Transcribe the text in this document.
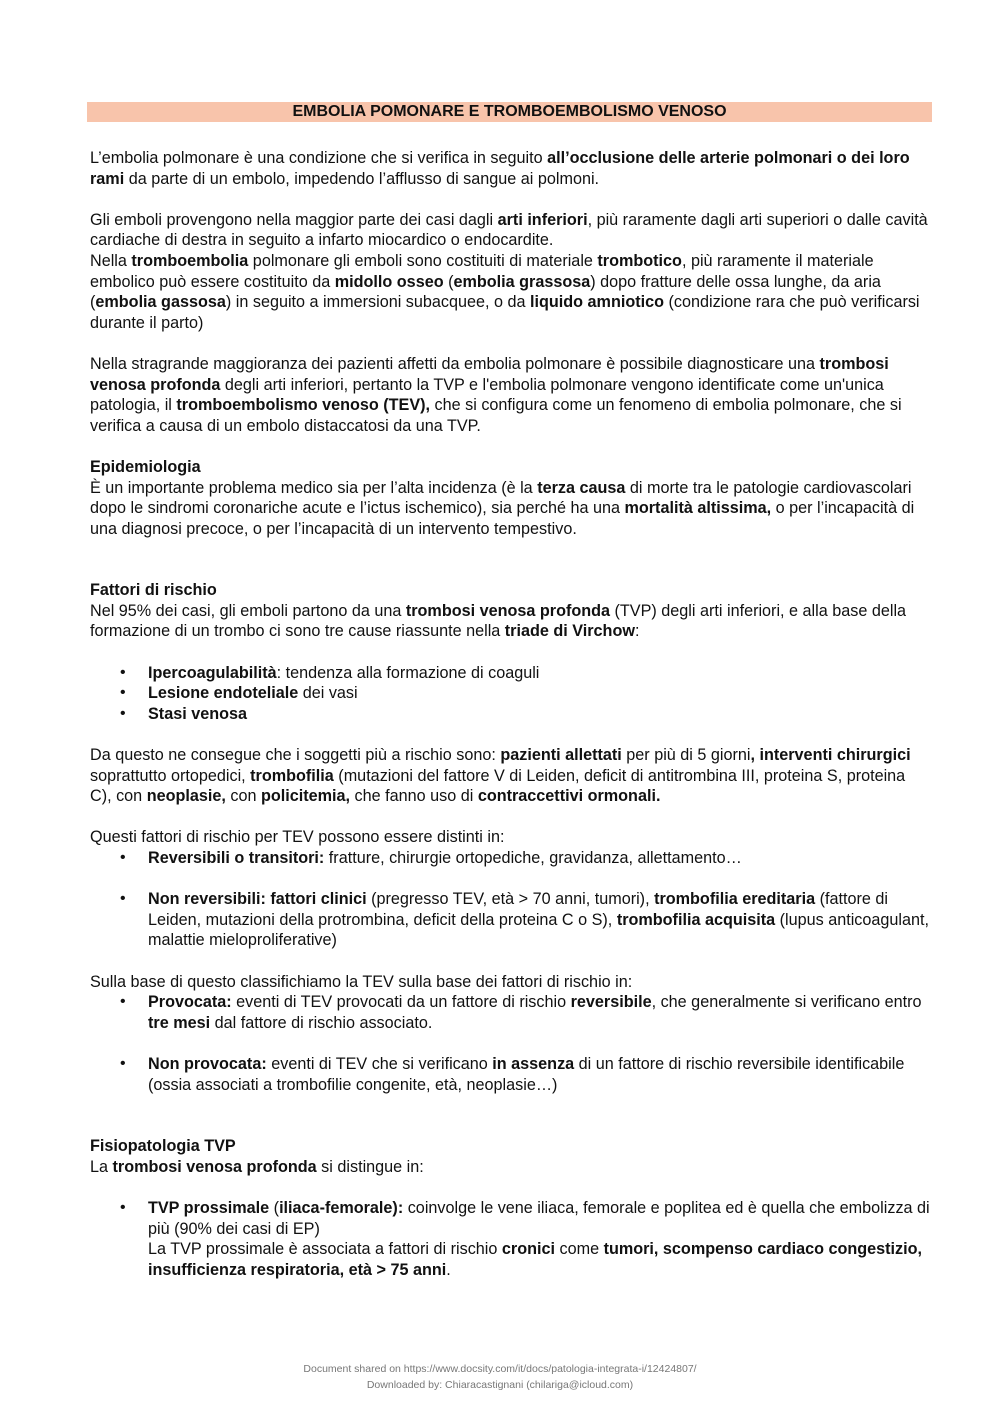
EMBOLIA POMONARE E TROMBOEMBOLISMO VENOSO

L’embolia polmonare è una condizione che si verifica in seguito all’occlusione delle arterie polmonari o dei loro rami da parte di un embolo, impedendo l’afflusso di sangue ai polmoni.

Gli emboli provengono nella maggior parte dei casi dagli arti inferiori, più raramente dagli arti superiori o dalle cavità cardiache di destra in seguito a infarto miocardico o endocardite.

Nella tromboembolia polmonare gli emboli sono costituiti di materiale trombotico, più raramente il materiale embolico può essere costituito da midollo osseo (embolia grassosa) dopo fratture delle ossa lunghe, da aria (embolia gassosa) in seguito a immersioni subacquee, o da liquido amniotico (condizione rara che può verificarsi durante il parto)

Nella stragrande maggioranza dei pazienti affetti da embolia polmonare è possibile diagnosticare una trombosi venosa profonda degli arti inferiori, pertanto la TVP e l'embolia polmonare vengono identificate come un'unica patologia, il tromboembolismo venoso (TEV), che si configura come un fenomeno di embolia polmonare, che si verifica a causa di un embolo distaccatosi da una TVP.

Epidemiologia

È un importante problema medico sia per l’alta incidenza (è la terza causa di morte tra le patologie cardiovascolari dopo le sindromi coronariche acute e l’ictus ischemico), sia perché ha una mortalità altissima, o per l’incapacità di una diagnosi precoce, o per l’incapacità di un intervento tempestivo.

Fattori di rischio

Nel 95% dei casi, gli emboli partono da una trombosi venosa profonda (TVP) degli arti inferiori, e alla base della formazione di un trombo ci sono tre cause riassunte nella triade di Virchow:

• Ipercoagulabilità: tendenza alla formazione di coaguli
• Lesione endoteliale dei vasi
• Stasi venosa

Da questo ne consegue che i soggetti più a rischio sono: pazienti allettati per più di 5 giorni, interventi chirurgici soprattutto ortopedici, trombofilia (mutazioni del fattore V di Leiden, deficit di antitrombina III, proteina S, proteina C), con neoplasie, con policitemia, che fanno uso di contraccettivi ormonali.

Questi fattori di rischio per TEV possono essere distinti in:

• Reversibili o transitori: fratture, chirurgie ortopediche, gravidanza, allettamento…
• Non reversibili: fattori clinici (pregresso TEV, età > 70 anni, tumori), trombofilia ereditaria (fattore di Leiden, mutazioni della protrombina, deficit della proteina C o S), trombofilia acquisita (lupus anticoagulant, malattie mieloproliferative)

Sulla base di questo classifichiamo la TEV sulla base dei fattori di rischio in:

• Provocata: eventi di TEV provocati da un fattore di rischio reversibile, che generalmente si verificano entro tre mesi dal fattore di rischio associato.
• Non provocata: eventi di TEV che si verificano in assenza di un fattore di rischio reversibile identificabile (ossia associati a trombofilie congenite, età, neoplasie…)

Fisiopatologia TVP

La trombosi venosa profonda si distingue in:

• TVP prossimale (iliaca-femorale): coinvolge le vene iliaca, femorale e poplitea ed è quella che embolizza di più (90% dei casi di EP)
La TVP prossimale è associata a fattori di rischio cronici come tumori, scompenso cardiaco congestizio, insufficienza respiratoria, età > 75 anni.
Document shared on https://www.docsity.com/it/docs/patologia-integrata-i/12424807/
Downloaded by: Chiaracastignani (chilariga@icloud.com)
